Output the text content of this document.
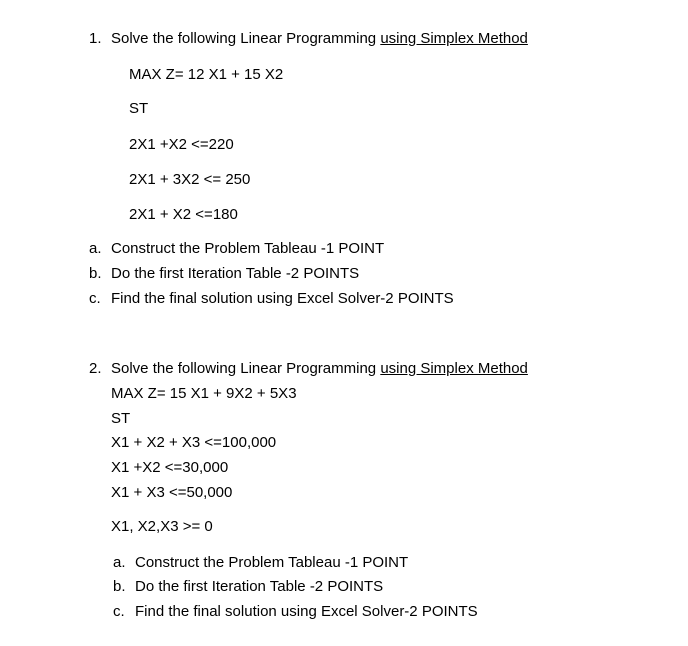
1. Solve the following Linear Programming using Simplex Method
MAX Z= 12 X1 + 15 X2
ST
2X1 +X2 <=220
2X1 + 3X2 <= 250
2X1 + X2 <=180
a. Construct the Problem Tableau -1 POINT
b. Do the first Iteration Table -2 POINTS
c. Find the final solution using Excel Solver-2 POINTS
2. Solve the following Linear Programming using Simplex Method
MAX Z= 15 X1 + 9X2 + 5X3
ST
X1 + X2 + X3 <=100,000
X1 +X2 <=30,000
X1 + X3 <=50,000
X1, X2,X3 >= 0
a. Construct the Problem Tableau -1 POINT
b. Do the first Iteration Table -2 POINTS
c. Find the final solution using Excel Solver-2 POINTS
